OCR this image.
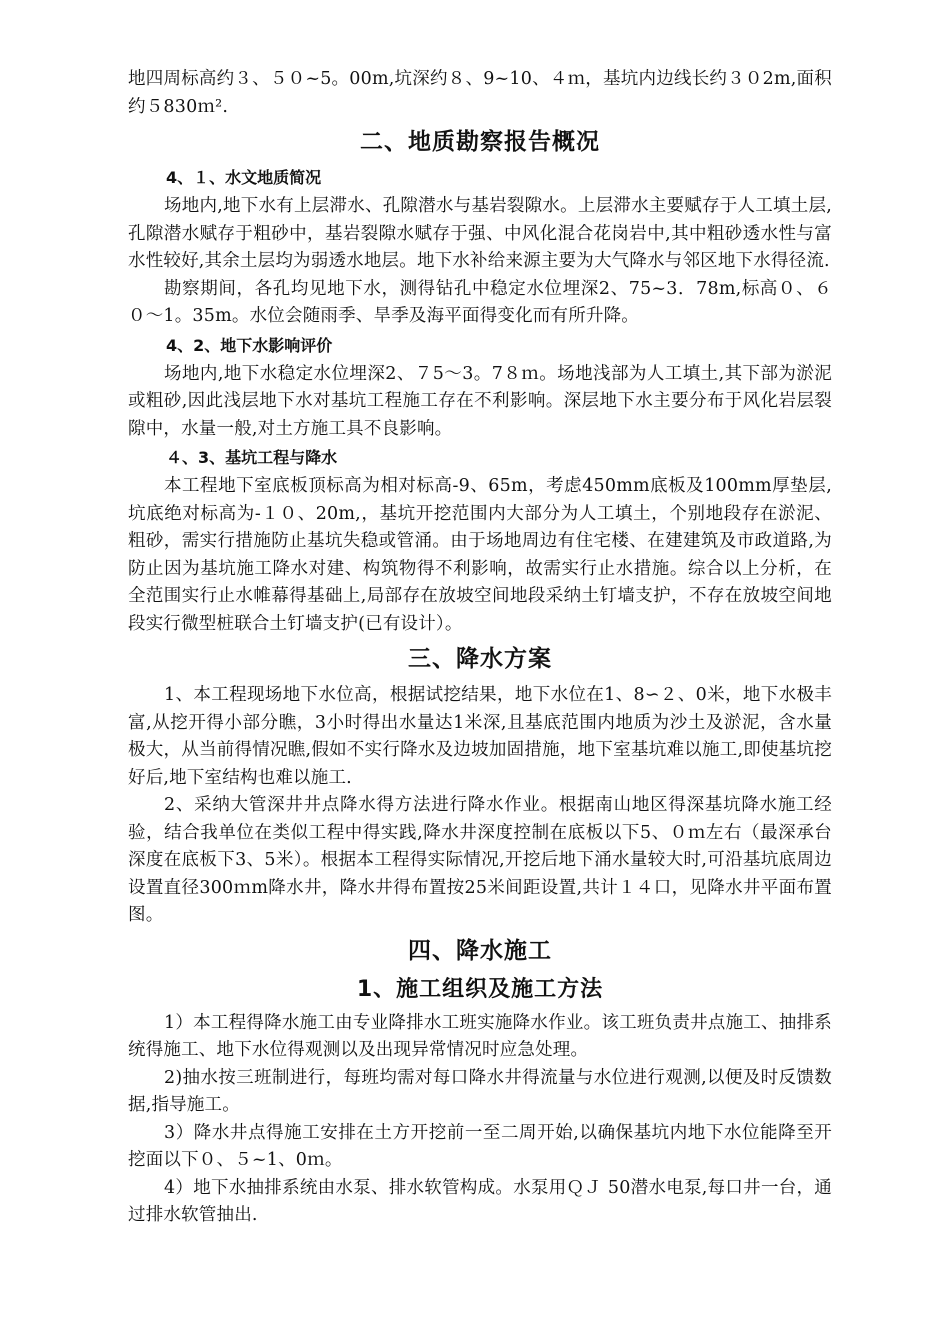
地四周标高约３、５０~5。00m,坑深约８、9~10、４ｍ，基坑内边线长约３０2m,面积约５830ｍ².

二、地质勘察报告概况
4、１、水文地质简况

场地内,地下水有上层滞水、孔隙潜水与基岩裂隙水。上层滞水主要赋存于人工填土层,孔隙潜水赋存于粗砂中，基岩裂隙水赋存于强、中风化混合花岗岩中,其中粗砂透水性与富水性较好,其余土层均为弱透水地层。地下水补给来源主要为大气降水与邻区地下水得径流.

勘察期间，各孔均见地下水，测得钻孔中稳定水位埋深2、75~3．78m,标高０、６０～1。35m。水位会随雨季、旱季及海平面得变化而有所升降。

4、2、地下水影响评价

场地内,地下水稳定水位埋深2、７5～3。7８ｍ。场地浅部为人工填土,其下部为淤泥或粗砂,因此浅层地下水对基坑工程施工存在不利影响。深层地下水主要分布于风化岩层裂隙中，水量一般,对土方施工具不良影响。

４、3、基坑工程与降水

本工程地下室底板顶标高为相对标高-9、65m，考虑450mm底板及100mm厚垫层,坑底绝对标高为-１０、20m,，基坑开挖范围内大部分为人工填土，个别地段存在淤泥、粗砂，需实行措施防止基坑失稳或管涌。由于场地周边有住宅楼、在建建筑及市政道路,为防止因为基坑施工降水对建、构筑物得不利影响，故需实行止水措施。综合以上分析，在全范围实行止水帷幕得基础上,局部存在放坡空间地段采纳土钉墙支护，不存在放坡空间地段实行微型桩联合土钉墙支护(已有设计）。

三、降水方案

1、本工程现场地下水位高，根据试挖结果，地下水位在1、8∽２、0米，地下水极丰富,从挖开得小部分瞧，3小时得出水量达1米深,且基底范围内地质为沙土及淤泥，含水量极大，从当前得情况瞧,假如不实行降水及边坡加固措施，地下室基坑难以施工,即使基坑挖好后,地下室结构也难以施工.

2、采纳大管深井井点降水得方法进行降水作业。根据南山地区得深基坑降水施工经验，结合我单位在类似工程中得实践,降水井深度控制在底板以下5、０ｍ左右（最深承台深度在底板下3、5米）。根据本工程得实际情况,开挖后地下涌水量较大时,可沿基坑底周边设置直径300ｍm降水井，降水井得布置按25米间距设置,共计１４口，见降水井平面布置图。

四、降水施工
1、施工组织及施工方法

1）本工程得降水施工由专业降排水工班实施降水作业。该工班负责井点施工、抽排系统得施工、地下水位得观测以及出现异常情况时应急处理。

2)抽水按三班制进行，每班均需对每口降水井得流量与水位进行观测,以便及时反馈数据,指导施工。

3）降水井点得施工安排在土方开挖前一至二周开始,以确保基坑内地下水位能降至开挖面以下０、５~1、0ｍ。

4）地下水抽排系统由水泵、排水软管构成。水泵用ＱＪ 50潜水电泵,每口井一台，通过排水软管抽出.
